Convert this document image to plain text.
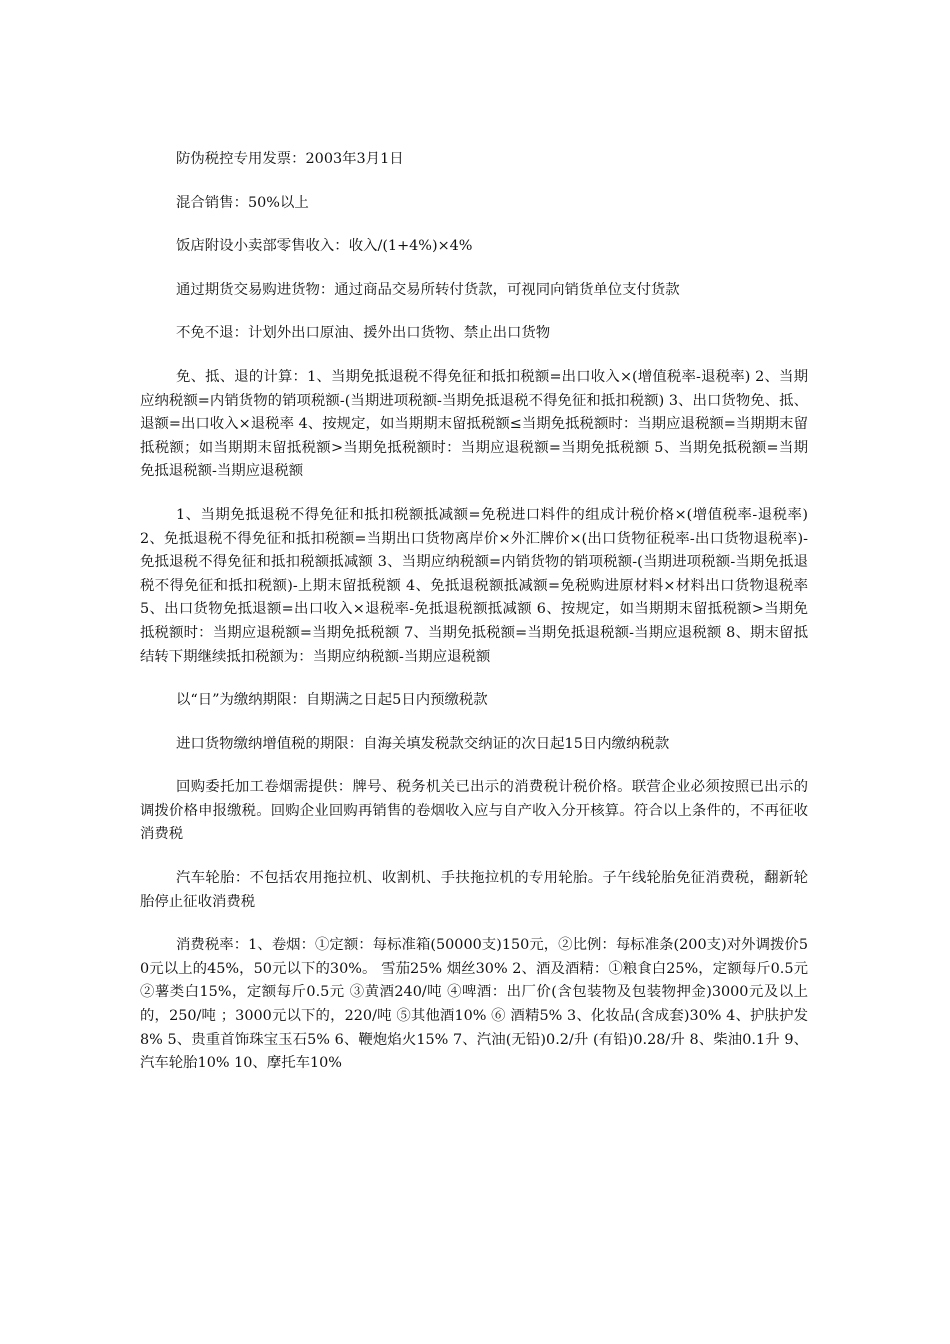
防伪税控专用发票：2003年3月1日

混合销售：50%以上

饭店附设小卖部零售收入：收入/(1+4%)×4%

通过期货交易购进货物：通过商品交易所转付货款，可视同向销货单位支付货款

不免不退：计划外出口原油、援外出口货物、禁止出口货物

免、抵、退的计算：1、当期免抵退税不得免征和抵扣税额=出口收入×(增值税率-退税率) 2、当期应纳税额=内销货物的销项税额-(当期进项税额-当期免抵退税不得免征和抵扣税额) 3、出口货物免、抵、退额=出口收入×退税率 4、按规定，如当期期末留抵税额≤当期免抵税额时：当期应退税额=当期期末留抵税额；如当期期末留抵税额>当期免抵税额时：当期应退税额=当期免抵税额 5、当期免抵税额=当期免抵退税额-当期应退税额

1、当期免抵退税不得免征和抵扣税额抵减额=免税进口料件的组成计税价格×(增值税率-退税率) 2、免抵退税不得免征和抵扣税额=当期出口货物离岸价×外汇牌价×(出口货物征税率-出口货物退税率)-免抵退税不得免征和抵扣税额抵减额 3、当期应纳税额=内销货物的销项税额-(当期进项税额-当期免抵退税不得免征和抵扣税额)-上期末留抵税额 4、免抵退税额抵减额=免税购进原材料×材料出口货物退税率 5、出口货物免抵退额=出口收入×退税率-免抵退税额抵减额 6、按规定，如当期期末留抵税额>当期免抵税额时：当期应退税额=当期免抵税额 7、当期免抵税额=当期免抵退税额-当期应退税额 8、期末留抵结转下期继续抵扣税额为：当期应纳税额-当期应退税额

以“日”为缴纳期限：自期满之日起5日内预缴税款

进口货物缴纳增值税的期限：自海关填发税款交纳证的次日起15日内缴纳税款

回购委托加工卷烟需提供：牌号、税务机关已出示的消费税计税价格。联营企业必须按照已出示的调拨价格申报缴税。回购企业回购再销售的卷烟收入应与自产收入分开核算。符合以上条件的，不再征收消费税

汽车轮胎：不包括农用拖拉机、收割机、手扶拖拉机的专用轮胎。子午线轮胎免征消费税，翻新轮胎停止征收消费税

消费税率：1、卷烟：①定额：每标准箱(50000支)150元，②比例：每标准条(200支)对外调拨价50元以上的45%，50元以下的30%。 雪茄25% 烟丝30% 2、酒及酒精：①粮食白25%，定额每斤0.5元 ②薯类白15%，定额每斤0.5元 ③黄酒240/吨 ④啤酒：出厂价(含包装物及包装物押金)3000元及以上的，250/吨 ；3000元以下的，220/吨 ⑤其他酒10% ⑥ 酒精5% 3、化妆品(含成套)30% 4、护肤护发8% 5、贵重首饰珠宝玉石5% 6、鞭炮焰火15% 7、汽油(无铅)0.2/升 (有铅)0.28/升 8、柴油0.1升 9、汽车轮胎10% 10、摩托车10%
